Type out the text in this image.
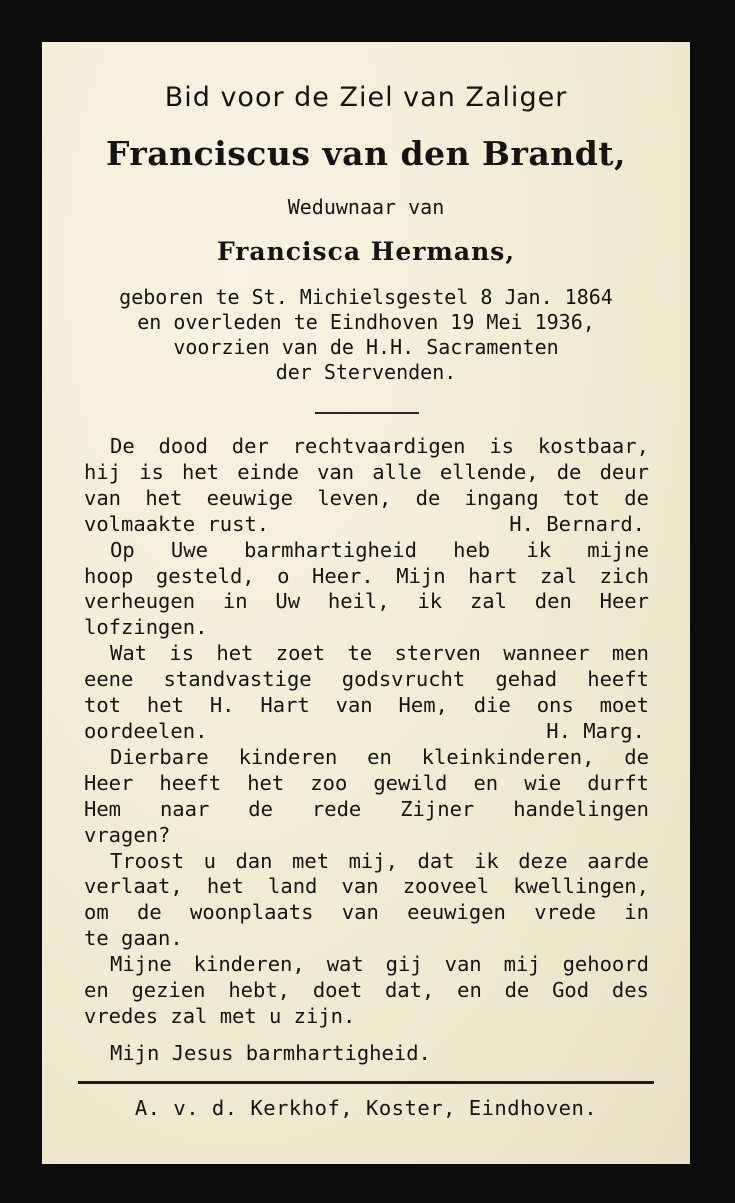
Bid voor de Ziel van Zaliger
Franciscus van den Brandt,
Weduwnaar van
Francisca Hermans,
geboren te St. Michielsgestel 8 Jan. 1864
en overleden te Eindhoven 19 Mei 1936,
voorzien van de H.H. Sacramenten
der Stervenden.
De dood der rechtvaardigen is kostbaar,
hij is het einde van alle ellende, de deur
van het eeuwige leven, de ingang tot de
volmaakte rust.	H. Bernard.
Op Uwe barmhartigheid heb ik mijne
hoop gesteld, o Heer. Mijn hart zal zich
verheugen in Uw heil, ik zal den Heer
lofzingen.
Wat is het zoet te sterven wanneer men
eene standvastige godsvrucht gehad heeft
tot het H. Hart van Hem, die ons moet
oordeelen.	H. Marg.
Dierbare kinderen en kleinkinderen, de
Heer heeft het zoo gewild en wie durft
Hem naar de rede Zijner handelingen
vragen?
Troost u dan met mij, dat ik deze aarde
verlaat, het land van zooveel kwellingen,
om de woonplaats van eeuwigen vrede in
te gaan.
Mijne kinderen, wat gij van mij gehoord
en gezien hebt, doet dat, en de God des
vredes zal met u zijn.
Mijn Jesus barmhartigheid.
A. v. d. Kerkhof, Koster, Eindhoven.
